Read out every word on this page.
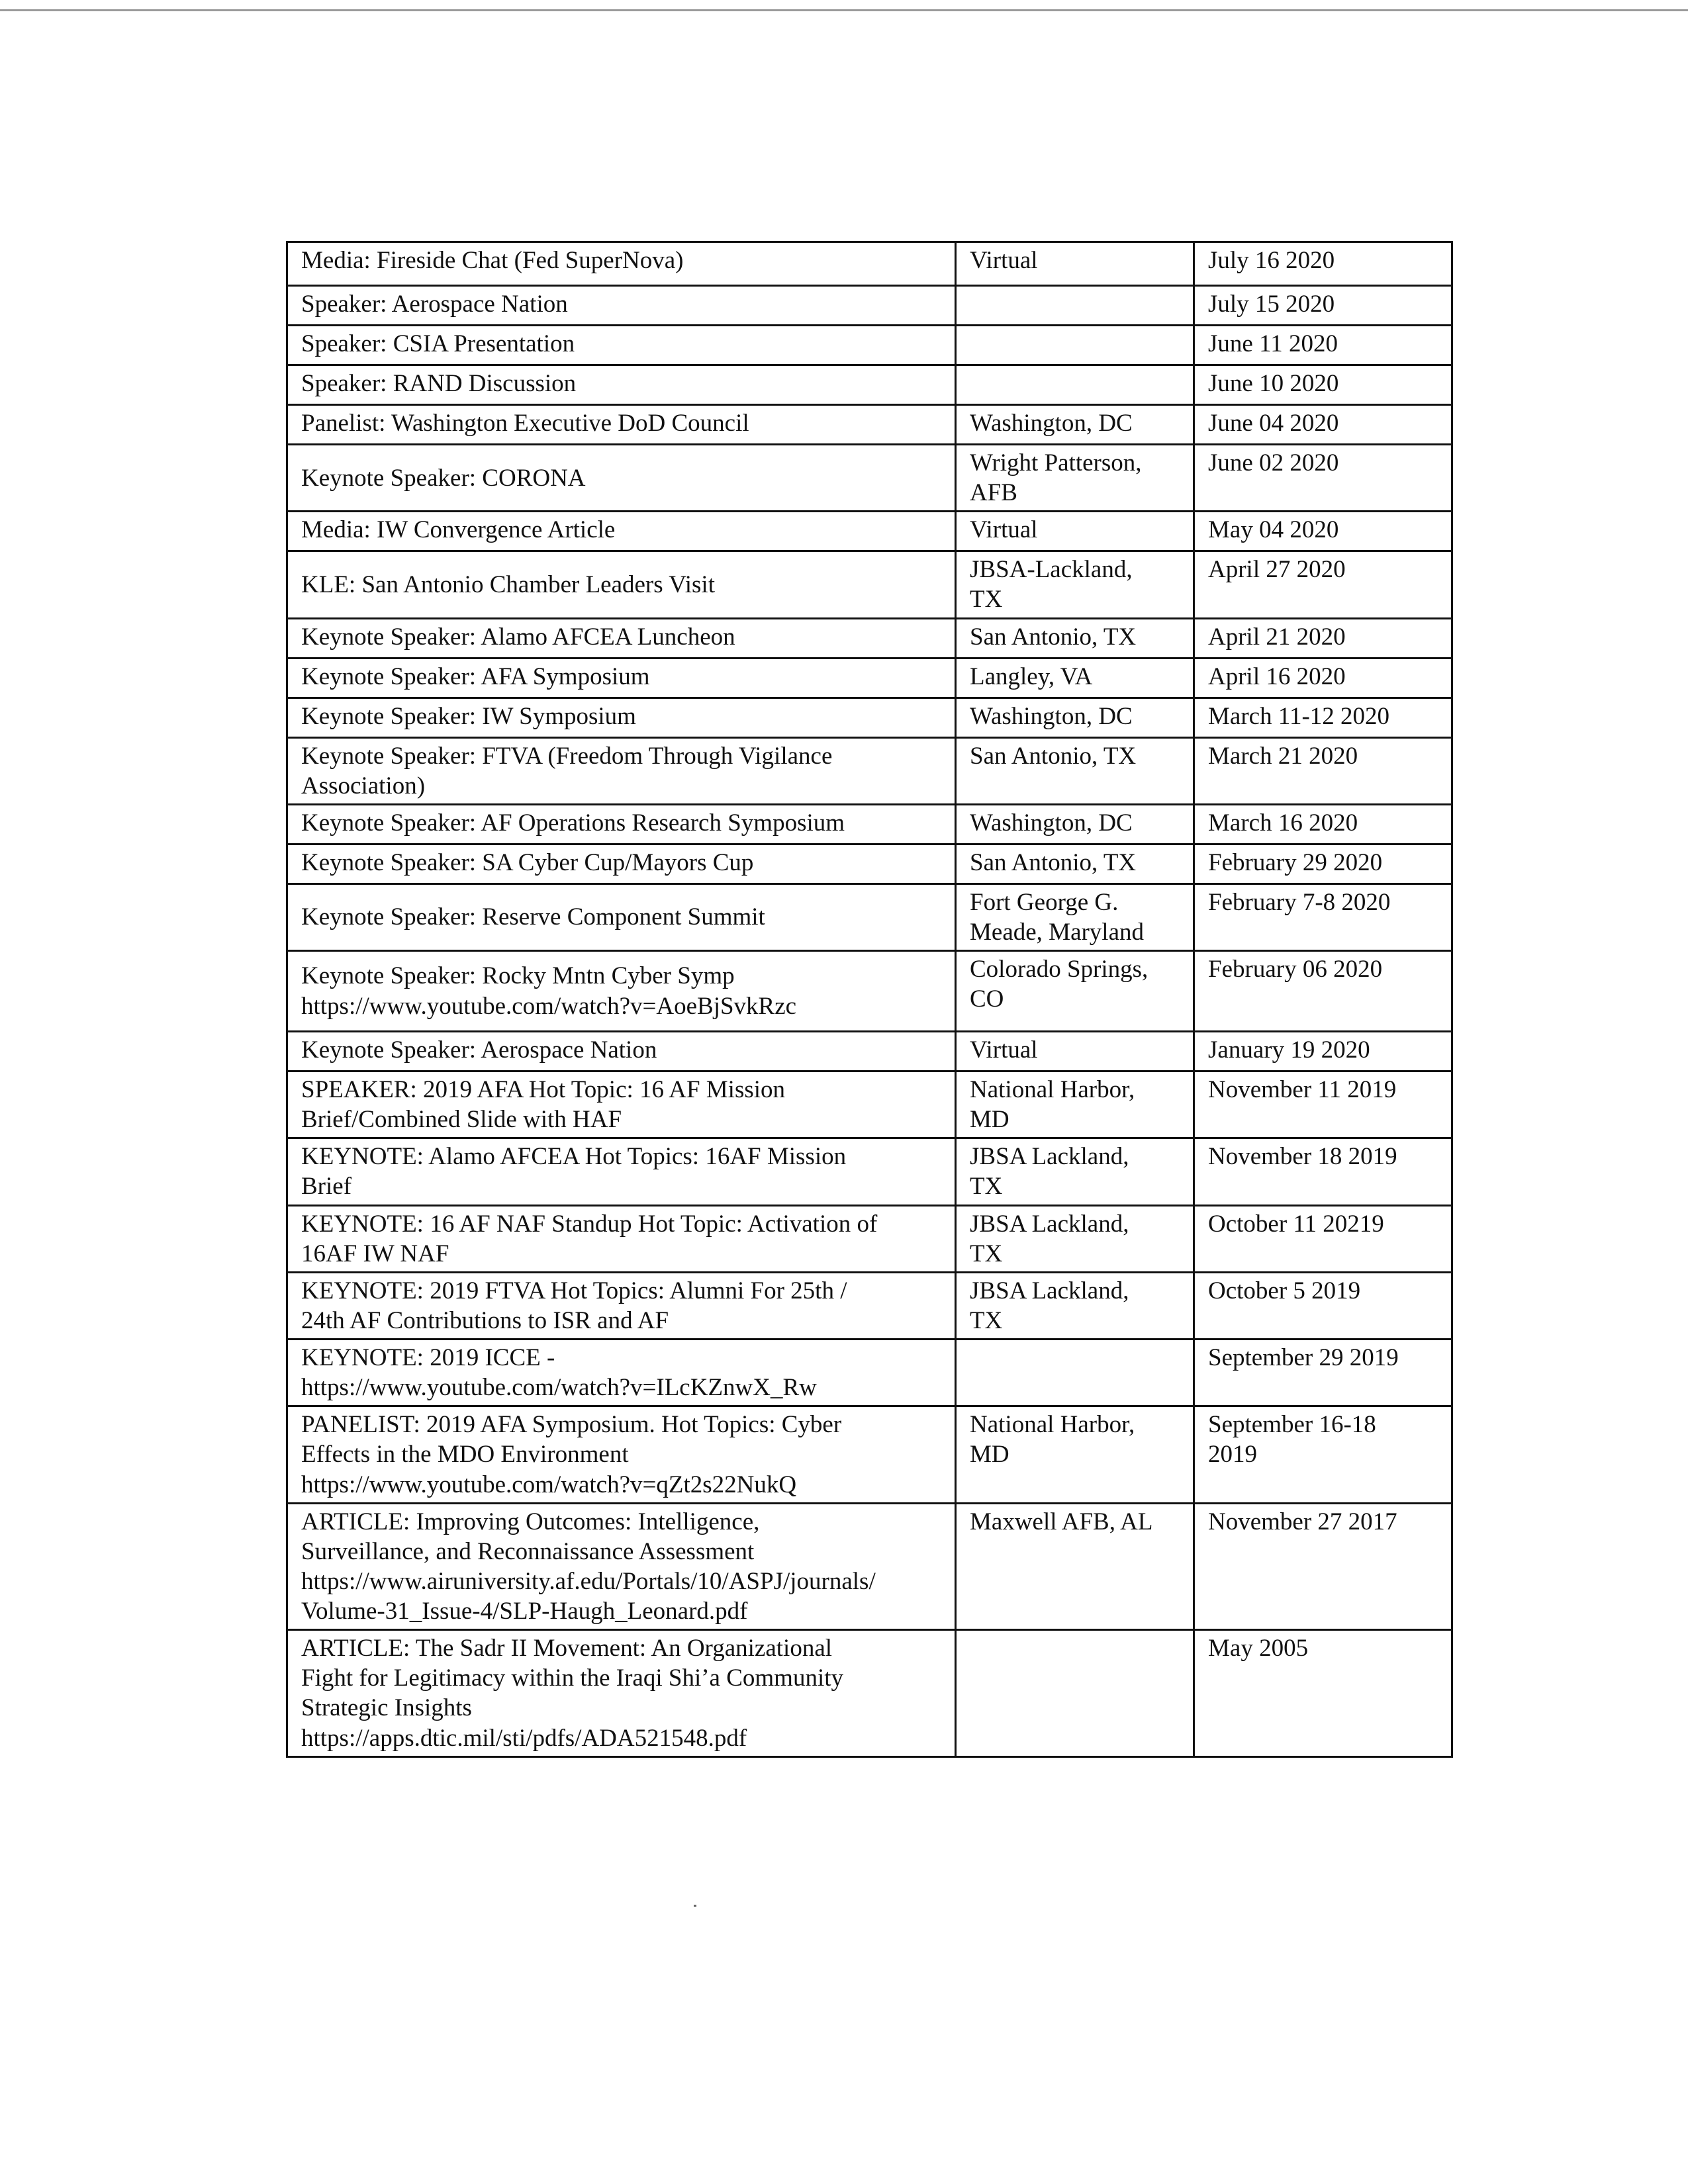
Media: Fireside Chat (Fed SuperNova)	Virtual	July 16 2020

Speaker: Aerospace Nation		July 15 2020

Speaker: CSIA Presentation		June 11 2020

Speaker: RAND Discussion		June 10 2020

Panelist: Washington Executive DoD Council	Washington, DC	June 04 2020

Keynote Speaker: CORONA	Wright Patterson,
AFB	June 02 2020

Media: IW Convergence Article	Virtual	May 04 2020

KLE: San Antonio Chamber Leaders Visit	JBSA-Lackland,
TX	April 27 2020

Keynote Speaker: Alamo AFCEA Luncheon	San Antonio, TX	April 21 2020

Keynote Speaker: AFA Symposium	Langley, VA	April 16 2020

Keynote Speaker: IW Symposium	Washington, DC	March 11-12 2020

Keynote Speaker: FTVA (Freedom Through Vigilance
Association)	San Antonio, TX	March 21 2020

Keynote Speaker: AF Operations Research Symposium	Washington, DC	March 16 2020

Keynote Speaker: SA Cyber Cup/Mayors Cup	San Antonio, TX	February 29 2020

Keynote Speaker: Reserve Component Summit	Fort George G.
Meade, Maryland	February 7-8 2020

Keynote Speaker: Rocky Mntn Cyber Symp
https://www.youtube.com/watch?v=AoeBjSvkRzc	Colorado Springs,
CO	February 06 2020

Keynote Speaker: Aerospace Nation	Virtual	January 19 2020

SPEAKER: 2019 AFA Hot Topic: 16 AF Mission
Brief/Combined Slide with HAF	National Harbor,
MD	November 11 2019

KEYNOTE: Alamo AFCEA Hot Topics: 16AF Mission
Brief	JBSA Lackland,
TX	November 18 2019

KEYNOTE: 16 AF NAF Standup Hot Topic: Activation of
16AF IW NAF	JBSA Lackland,
TX	October 11 20219

KEYNOTE: 2019 FTVA Hot Topics: Alumni For 25th /
24th AF Contributions to ISR and AF	JBSA Lackland,
TX	October 5 2019

KEYNOTE: 2019 ICCE -
https://www.youtube.com/watch?v=ILcKZnwX_Rw		September 29 2019

PANELIST: 2019 AFA Symposium. Hot Topics: Cyber
Effects in the MDO Environment
https://www.youtube.com/watch?v=qZt2s22NukQ	National Harbor,
MD	September 16-18
2019

ARTICLE: Improving Outcomes: Intelligence,
Surveillance, and Reconnaissance Assessment
https://www.airuniversity.af.edu/Portals/10/ASPJ/journals/
Volume-31_Issue-4/SLP-Haugh_Leonard.pdf	Maxwell AFB, AL	November 27 2017

ARTICLE: The Sadr II Movement: An Organizational
Fight for Legitimacy within the Iraqi Shi’a Community
Strategic Insights
https://apps.dtic.mil/sti/pdfs/ADA521548.pdf		May 2005
